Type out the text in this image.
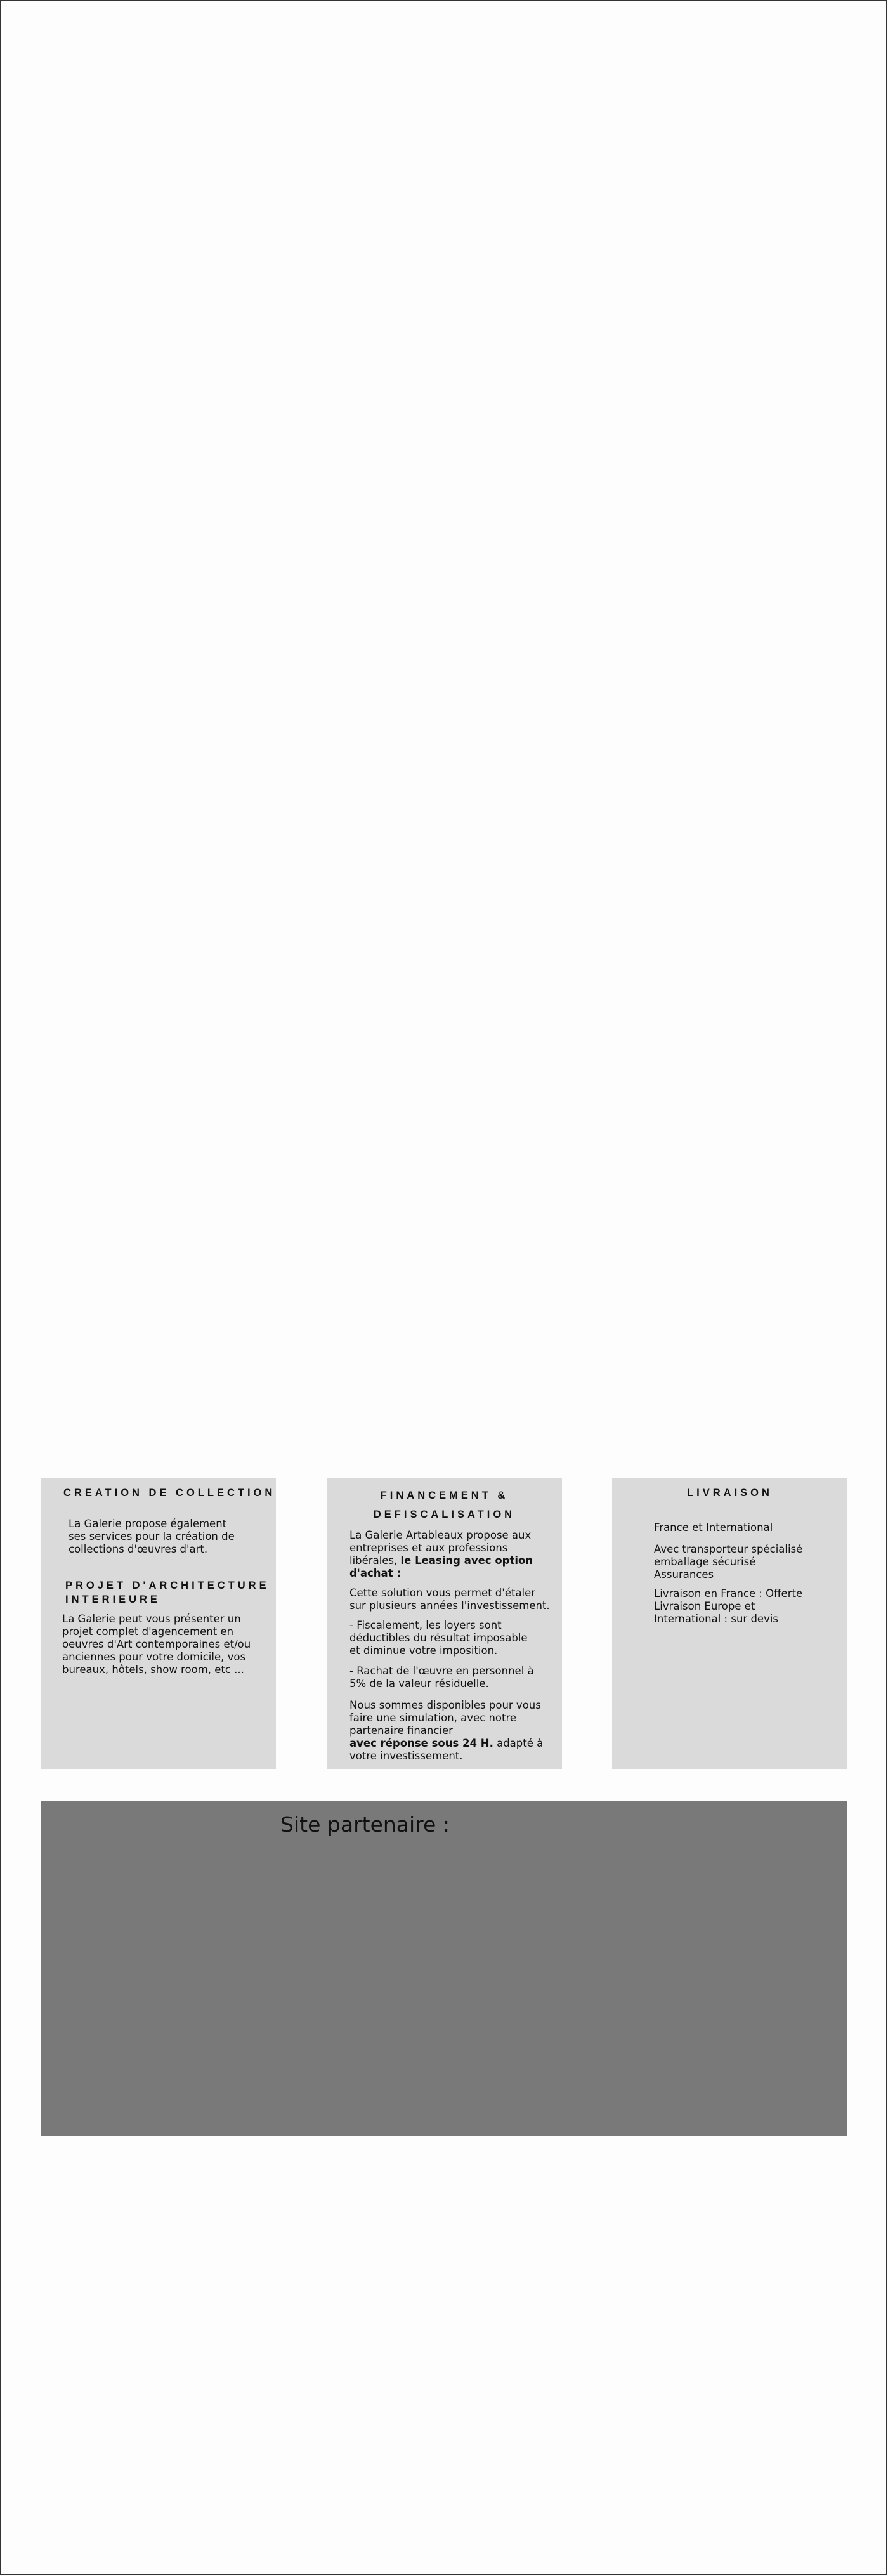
CREATION DE COLLECTION

La Galerie propose également

ses services pour la création de

collections d'œuvres d'art.

PROJET D'ARCHITECTURE
INTERIEURE

La Galerie peut vous présenter un

projet complet d'agencement en

oeuvres d'Art contemporaines et/ou

anciennes pour votre domicile, vos

bureaux, hôtels, show room, etc ...

FINANCEMENT &
DEFISCALISATION

La Galerie Artableaux propose aux

entreprises et aux professions

libérales, le Leasing avec option

d'achat :

Cette solution vous permet d'étaler

sur plusieurs années l'investissement.

- Fiscalement, les loyers sont

déductibles du résultat imposable

et diminue votre imposition.

- Rachat de l'œuvre en personnel à

5% de la valeur résiduelle.

Nous sommes disponibles pour vous

faire une simulation, avec notre

partenaire financier

avec réponse sous 24 H. adapté à

votre investissement.

LIVRAISON

France et International

Avec transporteur spécialisé

emballage sécurisé

Assurances

Livraison en France : Offerte

Livraison Europe et

International : sur devis

Site partenaire :
